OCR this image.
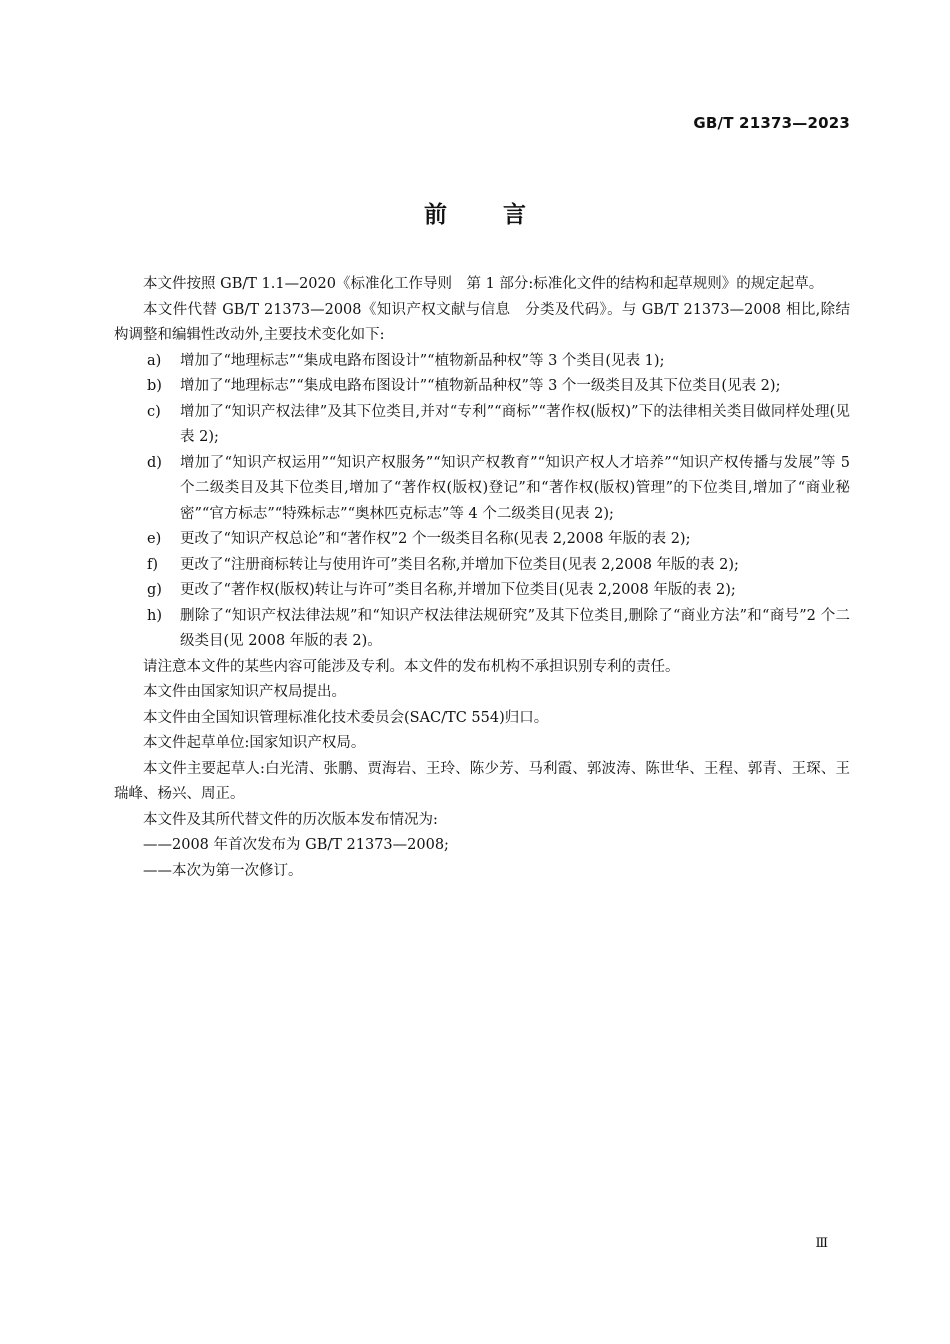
GB/T 21373—2023
前言

本文件按照 GB/T 1.1—2020《标准化工作导则　第 1 部分:标准化文件的结构和起草规则》的规定起草。

本文件代替 GB/T 21373—2008《知识产权文献与信息　分类及代码》。与 GB/T 21373—2008 相比,除结构调整和编辑性改动外,主要技术变化如下:

a) 增加了“地理标志”“集成电路布图设计”“植物新品种权”等 3 个类目(见表 1);

b) 增加了“地理标志”“集成电路布图设计”“植物新品种权”等 3 个一级类目及其下位类目(见表 2);

c) 增加了“知识产权法律”及其下位类目,并对“专利”“商标”“著作权(版权)”下的法律相关类目做同样处理(见表 2);

d) 增加了“知识产权运用”“知识产权服务”“知识产权教育”“知识产权人才培养”“知识产权传播与发展”等 5 个二级类目及其下位类目,增加了“著作权(版权)登记”和“著作权(版权)管理”的下位类目,增加了“商业秘密”“官方标志”“特殊标志”“奥林匹克标志”等 4 个二级类目(见表 2);

e) 更改了“知识产权总论”和“著作权”2 个一级类目名称(见表 2,2008 年版的表 2);

f) 更改了“注册商标转让与使用许可”类目名称,并增加下位类目(见表 2,2008 年版的表 2);

g) 更改了“著作权(版权)转让与许可”类目名称,并增加下位类目(见表 2,2008 年版的表 2);

h) 删除了“知识产权法律法规”和“知识产权法律法规研究”及其下位类目,删除了“商业方法”和“商号”2 个二级类目(见 2008 年版的表 2)。

请注意本文件的某些内容可能涉及专利。本文件的发布机构不承担识别专利的责任。

本文件由国家知识产权局提出。

本文件由全国知识管理标准化技术委员会(SAC/TC 554)归口。

本文件起草单位:国家知识产权局。

本文件主要起草人:白光清、张鹏、贾海岩、王玲、陈少芳、马利霞、郭波涛、陈世华、王程、郭青、王琛、王瑞峰、杨兴、周正。

本文件及其所代替文件的历次版本发布情况为:

——2008 年首次发布为 GB/T 21373—2008;

——本次为第一次修订。

Ⅲ
